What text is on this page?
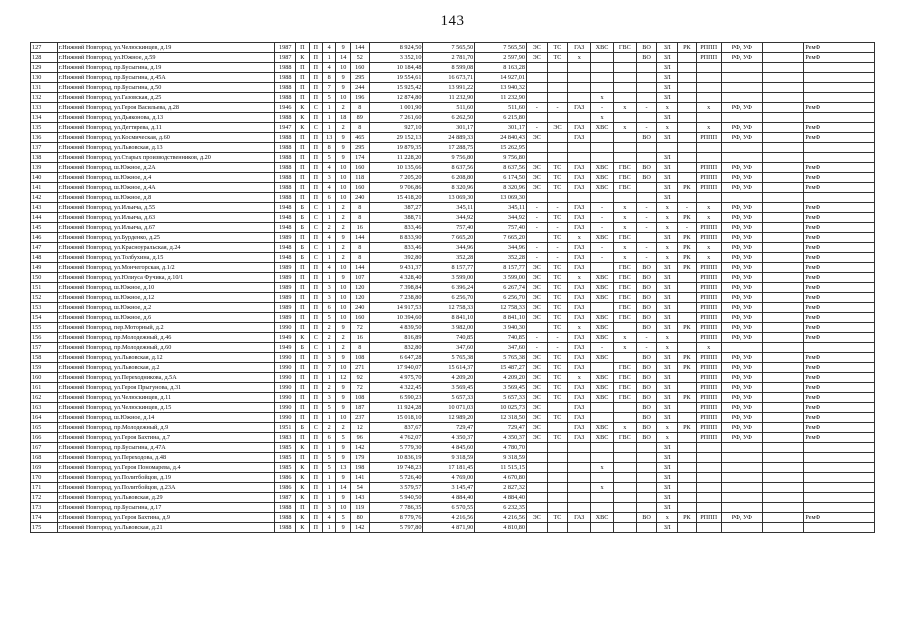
143
127	г.Нижний Новгород, ул.Челюскинцев, д.19	1987	П	П	4	9	144	8 924,50	7 565,50	7 565,50	ЭС	ТС	ГАЗ	ХВС	ГВС	ВО	ЗЛ	РК	РППП	РФ, УФ		РемФ
128	г.Нижний Новгород, ул.Южное, д.59	1987	К	П	1	14	52	3 352,10	2 781,70	2 597,90	ЭС	ТС	х			ВО	ЗЛ		РППП	РФ, УФ		РемФ
129	г.Нижний Новгород, пр.Бусыгина, д.19	1988	П	П	4	10	160	10 184,48	8 599,08	8 163,28							ЗЛ					
130	г.Нижний Новгород, пр.Бусыгина, д.45А	1988	П	П	8	9	295	19 554,61	16 673,71	14 927,01							ЗЛ					
131	г.Нижний Новгород, пр.Бусыгина, д.50	1988	П	П	7	9	244	15 925,42	13 991,22	13 940,32							ЗЛ					
132	г.Нижний Новгород, ул.Газовская, д.25	1988	П	П	5	10	196	12 874,80	11 232,90	11 232,90				х			ЗЛ					
133	г.Нижний Новгород, ул.Героя Васильева, д.28	1946	К	С	1	2	8	1 001,90	511,60	511,60	-	-	ГАЗ	-	х	-	х		х	РФ, УФ		РемФ
134	г.Нижний Новгород, ул.Дьяконова, д.13	1988	К	П	1	18	89	7 261,60	6 262,50	6 215,80				х			ЗЛ					
135	г.Нижний Новгород, ул.Дегтярева, д.11	1947	К	С	1	2	8	927,10	301,17	301,17	-	ЭС	ГАЗ	ХВС	х	-	х		х	РФ, УФ		РемФ
136	г.Нижний Новгород, ул.Космическая, д.60	1988	П	П	13	9	465	29 152,13	24 889,33	24 840,43	ЭС		ГАЗ			ВО	ЗЛ		РППП	РФ, УФ		РемФ
137	г.Нижний Новгород, ул.Львовская, д.13	1988	П	П	8	9	295	19 879,35	17 288,75	15 262,95												
138	г.Нижний Новгород, ул.Старых производственников, д.20	1988	П	П	5	9	174	11 228,20	9 756,80	9 756,80							ЗЛ					
139	г.Нижний Новгород, ш.Южное, д.2А	1988	П	П	4	10	160	10 135,66	8 637,56	8 637,56	ЭС	ТС	ГАЗ	ХВС	ГВС	ВО	ЗЛ		РППП	РФ, УФ		РемФ
140	г.Нижний Новгород, ш.Южное, д.4	1988	П	П	3	10	118	7 205,20	6 208,80	6 174,50	ЭС	ТС	ГАЗ	ХВС	ГВС	ВО	ЗЛ		РППП	РФ, УФ		РемФ
141	г.Нижний Новгород, ш.Южное, д.4А	1988	П	П	4	10	160	9 706,86	8 320,96	8 320,96	ЭС	ТС	ГАЗ	ХВС	ГВС		ЗЛ	РК	РППП	РФ, УФ		РемФ
142	г.Нижний Новгород, ш.Южное, д.8	1988	П	П	6	10	240	15 418,20	13 069,30	13 069,30							ЗЛ					
143	г.Нижний Новгород, ул.Ильича, д.55	1948	Б	С	1	2	8	387,27	345,11	345,11	-	-	ГАЗ	-	х	-	х	-	х	РФ, УФ		РемФ
144	г.Нижний Новгород, ул.Ильича, д.63	1948	Б	С	1	2	8	388,71	344,92	344,92	-	ТС	ГАЗ	-	х	-	х	РК	х	РФ, УФ		РемФ
145	г.Нижний Новгород, ул.Ильича, д.67	1948	Б	С	2	2	16	833,46	757,40	757,40	-	-	ГАЗ	-	х	-	х	-	РППП	РФ, УФ		РемФ
146	г.Нижний Новгород, ул.Бурденко, д.25	1989	П	П	4	9	144	8 833,90	7 665,20	7 665,20		ТС	х	ХВС	ГВС		ЗЛ	РК	РППП	РФ, УФ		РемФ
147	г.Нижний Новгород, ул.Красноуральская, д.24	1948	Б	С	1	2	8	833,46	344,96	344,96	-	-	ГАЗ	-	х	-	х	РК	х	РФ, УФ		РемФ
148	г.Нижний Новгород, ул.Толбухина, д.15	1948	Б	С	1	2	8	392,80	352,28	352,28	-	-	ГАЗ	-	х	-	х	РК	х	РФ, УФ		РемФ
149	г.Нижний Новгород, ул.Мончегорская, д.1/2	1989	П	П	4	10	144	9 431,37	8 157,77	8 157,77	ЭС	ТС	ГАЗ		ГВС	ВО	ЗЛ	РК	РППП	РФ, УФ		РемФ
150	г.Нижний Новгород, ул.Юлиуса Фучика, д.10/1	1989	П	П	1	9	107	4 328,40	3 599,00	3 599,00	ЭС	ТС	х	ХВС	ГВС	ВО	ЗЛ		РППП	РФ, УФ		РемФ
151	г.Нижний Новгород, ш.Южное, д.10	1989	П	П	3	10	120	7 398,84	6 396,24	6 267,74	ЭС	ТС	ГАЗ	ХВС	ГВС	ВО	ЗЛ		РППП	РФ, УФ		РемФ
152	г.Нижний Новгород, ш.Южное, д.12	1989	П	П	3	10	120	7 238,80	6 256,70	6 256,70	ЭС	ТС	ГАЗ	ХВС	ГВС	ВО	ЗЛ		РППП	РФ, УФ		РемФ
153	г.Нижний Новгород, ш.Южное, д.2	1989	П	П	6	10	240	14 917,53	12 758,33	12 758,33	ЭС	ТС	ГАЗ		ГВС	ВО	ЗЛ		РППП	РФ, УФ		РемФ
154	г.Нижний Новгород, ш.Южное, д.6	1989	П	П	5	10	160	10 394,60	8 841,10	8 841,10	ЭС	ТС	ГАЗ	ХВС	ГВС	ВО	ЗЛ		РППП	РФ, УФ		РемФ
155	г.Нижний Новгород, пер.Моторный, д.2	1990	П	П	2	9	72	4 839,50	3 982,00	3 940,30		ТС	х	ХВС		ВО	ЗЛ	РК	РППП	РФ, УФ		РемФ
156	г.Нижний Новгород, пр.Молодежный, д.46	1949	К	С	2	2	16	816,89	740,85	740,85	-	-	ГАЗ	ХВС	х	-	х		РППП	РФ, УФ		РемФ
157	г.Нижний Новгород, пр.Молодежный, д.60	1949	Б	С	1	2	8	832,80	347,60	347,60	-	-	ГАЗ	-	х	-	х		х			
158	г.Нижний Новгород, ул.Львовская, д.12	1990	П	П	3	9	108	6 647,28	5 765,38	5 765,38	ЭС	ТС	ГАЗ	ХВС		ВО	ЗЛ	РК	РППП	РФ, УФ		РемФ
159	г.Нижний Новгород, ул.Львовская, д.2	1990	П	П	7	10	271	17 940,07	15 614,37	15 487,27	ЭС	ТС	ГАЗ		ГВС	ВО	ЗЛ	РК	РППП	РФ, УФ		РемФ
160	г.Нижний Новгород, ул.Переходникова, д.5А	1990	П	П	1	12	92	4 975,70	4 209,20	4 209,20	ЭС	ТС	х	ХВС	ГВС	ВО	ЗЛ		РППП	РФ, УФ		РемФ
161	г.Нижний Новгород, ул.Героя Прыгунова, д.31	1990	П	П	2	9	72	4 322,45	3 569,45	3 569,45	ЭС	ТС	ГАЗ	ХВС	ГВС	ВО	ЗЛ		РППП	РФ, УФ		РемФ
162	г.Нижний Новгород, ул.Челюскинцев, д.11	1990	П	П	3	9	108	6 590,23	5 657,33	5 657,33	ЭС	ТС	ГАЗ	ХВС	ГВС	ВО	ЗЛ	РК	РППП	РФ, УФ		РемФ
163	г.Нижний Новгород, ул.Челюскинцев, д.15	1990	П	П	5	9	187	11 924,28	10 071,03	10 025,73	ЭС		ГАЗ			ВО	ЗЛ		РППП	РФ, УФ		РемФ
164	г.Нижний Новгород, ш.Южное, д.14	1990	П	П	1	10	237	15 018,10	12 989,20	12 318,50	ЭС	ТС	ГАЗ			ВО	ЗЛ		РППП	РФ, УФ		РемФ
165	г.Нижний Новгород, пр.Молодежный, д.9	1951	Б	С	2	2	12	837,67	729,47	729,47	ЭС		ГАЗ	ХВС	х	ВО	х	РК	РППП	РФ, УФ		РемФ
166	г.Нижний Новгород, ул.Героя Бахтина, д.7	1983	П	П	6	5	96	4 762,07	4 350,37	4 350,37	ЭС	ТС	ГАЗ	ХВС	ГВС	ВО	х		РППП	РФ, УФ		РемФ
167	г.Нижний Новгород, пр.Бусыгина, д.47А	1985	К	П	1	9	142	5 779,30	4 845,60	4 780,70							ЗЛ					
168	г.Нижний Новгород, ул.Переходова, д.48	1985	П	П	5	9	179	10 836,19	9 318,59	9 318,59							ЗЛ					
169	г.Нижний Новгород, ул.Героя Пономарева, д.4	1985	К	П	5	13	198	19 748,23	17 181,45	11 515,15				х			ЗЛ					
170	г.Нижний Новгород, ул.Политбойцов, д.19	1986	К	П	1	9	141	5 726,40	4 769,00	4 670,80							ЗЛ					
171	г.Нижний Новгород, ул.Политбойцов, д.23А	1986	К	П	1	14	54	3 579,57	3 145,47	2 827,32				х			ЗЛ					
172	г.Нижний Новгород, ул.Львовская, д.29	1987	К	П	1	9	143	5 940,50	4 884,40	4 884,40							ЗЛ					
173	г.Нижний Новгород, пр.Бусыгина, д.17	1988	П	П	3	10	119	7 786,35	6 570,55	6 232,35							ЗЛ					
174	г.Нижний Новгород, ул.Героя Бахтина, д.9	1988	К	П	4	5	80	8 779,76	4 216,56	4 216,56	ЭС	ТС	ГАЗ	ХВС		ВО	х	РК	РППП	РФ, УФ		РемФ
175	г.Нижний Новгород, ул.Львовская, д.21	1988	К	П	1	9	142	5 797,80	4 871,90	4 810,80							ЗЛ					
